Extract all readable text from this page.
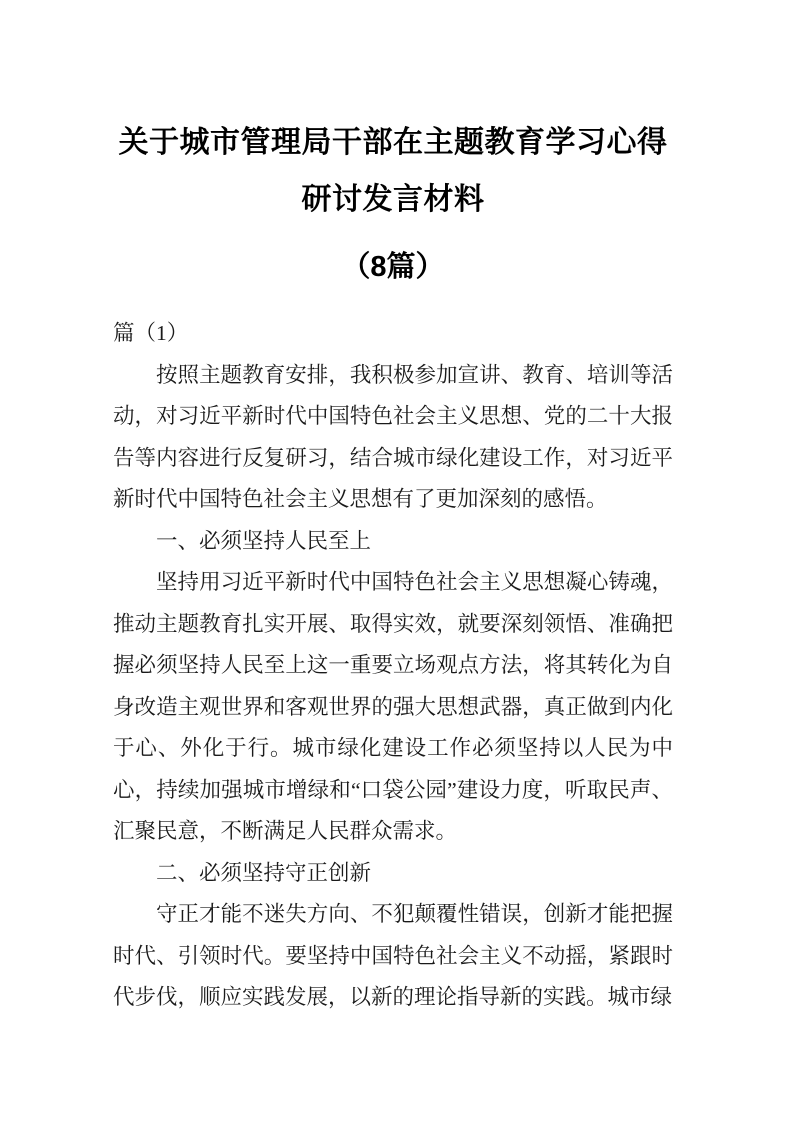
关于城市管理局干部在主题教育学习心得
研讨发言材料
（8篇）
篇（1）

按照主题教育安排，我积极参加宣讲、教育、培训等活动，对习近平新时代中国特色社会主义思想、党的二十大报告等内容进行反复研习，结合城市绿化建设工作，对习近平新时代中国特色社会主义思想有了更加深刻的感悟。

一、必须坚持人民至上

坚持用习近平新时代中国特色社会主义思想凝心铸魂，推动主题教育扎实开展、取得实效，就要深刻领悟、准确把握必须坚持人民至上这一重要立场观点方法，将其转化为自身改造主观世界和客观世界的强大思想武器，真正做到内化于心、外化于行。城市绿化建设工作必须坚持以人民为中心，持续加强城市增绿和“口袋公园”建设力度，听取民声、汇聚民意，不断满足人民群众需求。

二、必须坚持守正创新

守正才能不迷失方向、不犯颠覆性错误，创新才能把握时代、引领时代。要坚持中国特色社会主义不动摇，紧跟时代步伐，顺应实践发展，以新的理论指导新的实践。城市绿
